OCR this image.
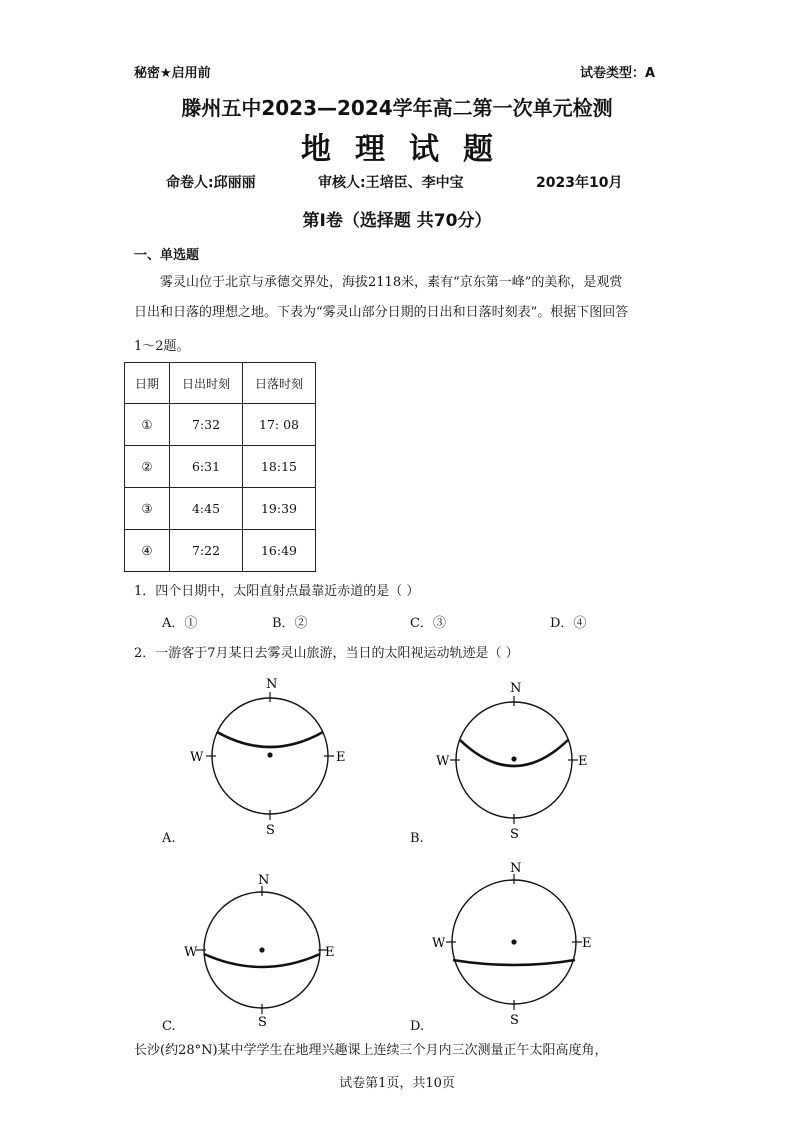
秘密★启用前	试卷类型：A
滕州五中2023—2024学年高二第一次单元检测
地理试题
命卷人:邱丽丽	审核人:王培臣、李中宝	2023年10月
第Ⅰ卷（选择题 共70分）
一、单选题
雾灵山位于北京与承德交界处，海拔2118米，素有“京东第一峰”的美称，是观赏
日出和日落的理想之地。下表为“雾灵山部分日期的日出和日落时刻表”。根据下图回答
1～2题。
日期	日出时刻	日落时刻
①	7:32	17: 08
②	6:31	18:15
③	4:45	19:39
④	7:22	16:49
1．四个日期中，太阳直射点最靠近赤道的是（ ）
A．①	B．②	C．③	D．④
2．一游客于7月某日去雾灵山旅游，当日的太阳视运动轨迹是（ ）
N
S
W	E
A.
N
S
W	E
B.
N
S
W	E
C.
N
S
W	E
D.
长沙(约28°N)某中学学生在地理兴趣课上连续三个月内三次测量正午太阳高度角，
试卷第1页，共10页
